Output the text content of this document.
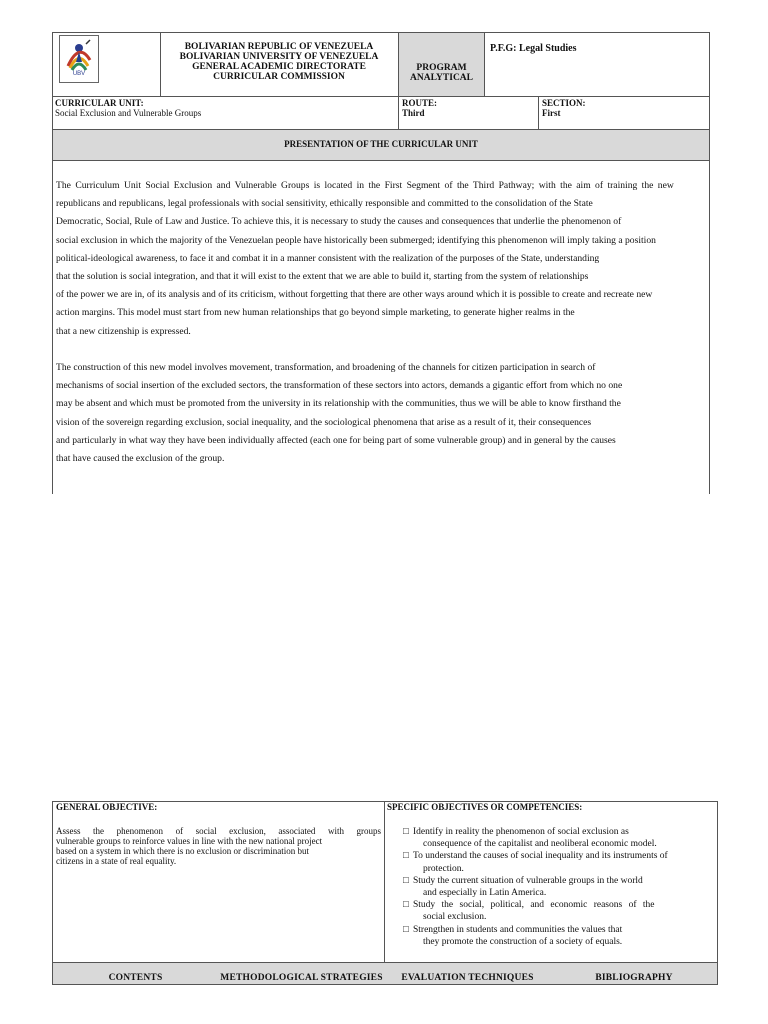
UBV
BOLIVARIAN REPUBLIC OF VENEZUELA
BOLIVARIAN UNIVERSITY OF VENEZUELA
GENERAL ACADEMIC DIRECTORATE
CURRICULAR COMMISSION
PROGRAM
ANALYTICAL
P.F.G: Legal Studies
CURRICULAR UNIT:
Social Exclusion and Vulnerable Groups
ROUTE:
Third
SECTION:
First
PRESENTATION OF THE CURRICULAR UNIT
The Curriculum Unit Social Exclusion and Vulnerable Groups is located in the First Segment of the Third Pathway; with the aim of training the new
republicans and republicans, legal professionals with social sensitivity, ethically responsible and committed to the consolidation of the State
Democratic, Social, Rule of Law and Justice. To achieve this, it is necessary to study the causes and consequences that underlie the phenomenon of
social exclusion in which the majority of the Venezuelan people have historically been submerged; identifying this phenomenon will imply taking a position
political-ideological awareness, to face it and combat it in a manner consistent with the realization of the purposes of the State, understanding
that the solution is social integration, and that it will exist to the extent that we are able to build it, starting from the system of relationships
of the power we are in, of its analysis and of its criticism, without forgetting that there are other ways around which it is possible to create and recreate new
action margins. This model must start from new human relationships that go beyond simple marketing, to generate higher realms in the
that a new citizenship is expressed.
The construction of this new model involves movement, transformation, and broadening of the channels for citizen participation in search of
mechanisms of social insertion of the excluded sectors, the transformation of these sectors into actors, demands a gigantic effort from which no one
may be absent and which must be promoted from the university in its relationship with the communities, thus we will be able to know firsthand the
vision of the sovereign regarding exclusion, social inequality, and the sociological phenomena that arise as a result of it, their consequences
and particularly in what way they have been individually affected (each one for being part of some vulnerable group) and in general by the causes
that have caused the exclusion of the group.
GENERAL OBJECTIVE:
Assess the phenomenon of social exclusion, associated with groups
vulnerable groups to reinforce values in line with the new national project
based on a system in which there is no exclusion or discrimination but
citizens in a state of real equality.
SPECIFIC OBJECTIVES OR COMPETENCIES:
□ Identify in reality the phenomenon of social exclusion as
consequence of the capitalist and neoliberal economic model.
□ To understand the causes of social inequality and its instruments of
protection.
□ Study the current situation of vulnerable groups in the world
and especially in Latin America.
□ Study the social, political, and economic reasons of the
social exclusion.
□ Strengthen in students and communities the values that
they promote the construction of a society of equals.
CONTENTS	METHODOLOGICAL STRATEGIES	EVALUATION TECHNIQUES	BIBLIOGRAPHY
